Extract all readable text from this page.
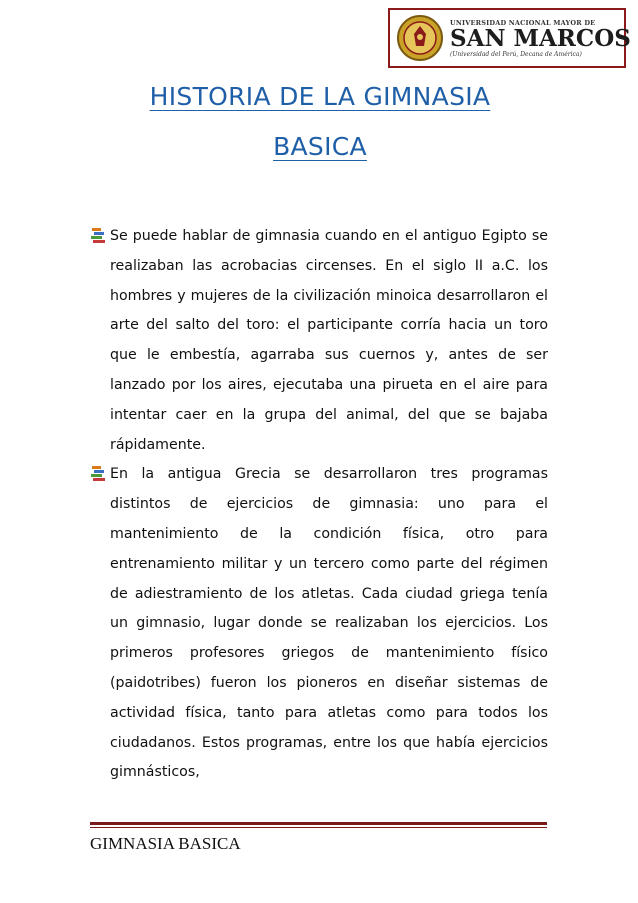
UNIVERSIDAD NACIONAL MAYOR DE
SAN MARCOS
(Universidad del Perú, Decana de América)
HISTORIA DE LA GIMNASIA
BASICA

Se puede hablar de gimnasia cuando en el antiguo Egipto se realizaban las acrobacias circenses. En el siglo II a.C. los hombres y mujeres de la civilización minoica desarrollaron el arte del salto del toro: el participante corría hacia un toro que le embestía, agarraba sus cuernos y, antes de ser lanzado por los aires, ejecutaba una pirueta en el aire para intentar caer en la grupa del animal, del que se bajaba rápidamente.

En la antigua Grecia se desarrollaron tres programas distintos de ejercicios de gimnasia: uno para el mantenimiento de la condición física, otro para entrenamiento militar y un tercero como parte del régimen de adiestramiento de los atletas. Cada ciudad griega tenía un gimnasio, lugar donde se realizaban los ejercicios. Los primeros profesores griegos de mantenimiento físico (paidotribes) fueron los pioneros en diseñar sistemas de actividad física, tanto para atletas como para todos los ciudadanos. Estos programas, entre los que había ejercicios gimnásticos,

GIMNASIA BASICA
